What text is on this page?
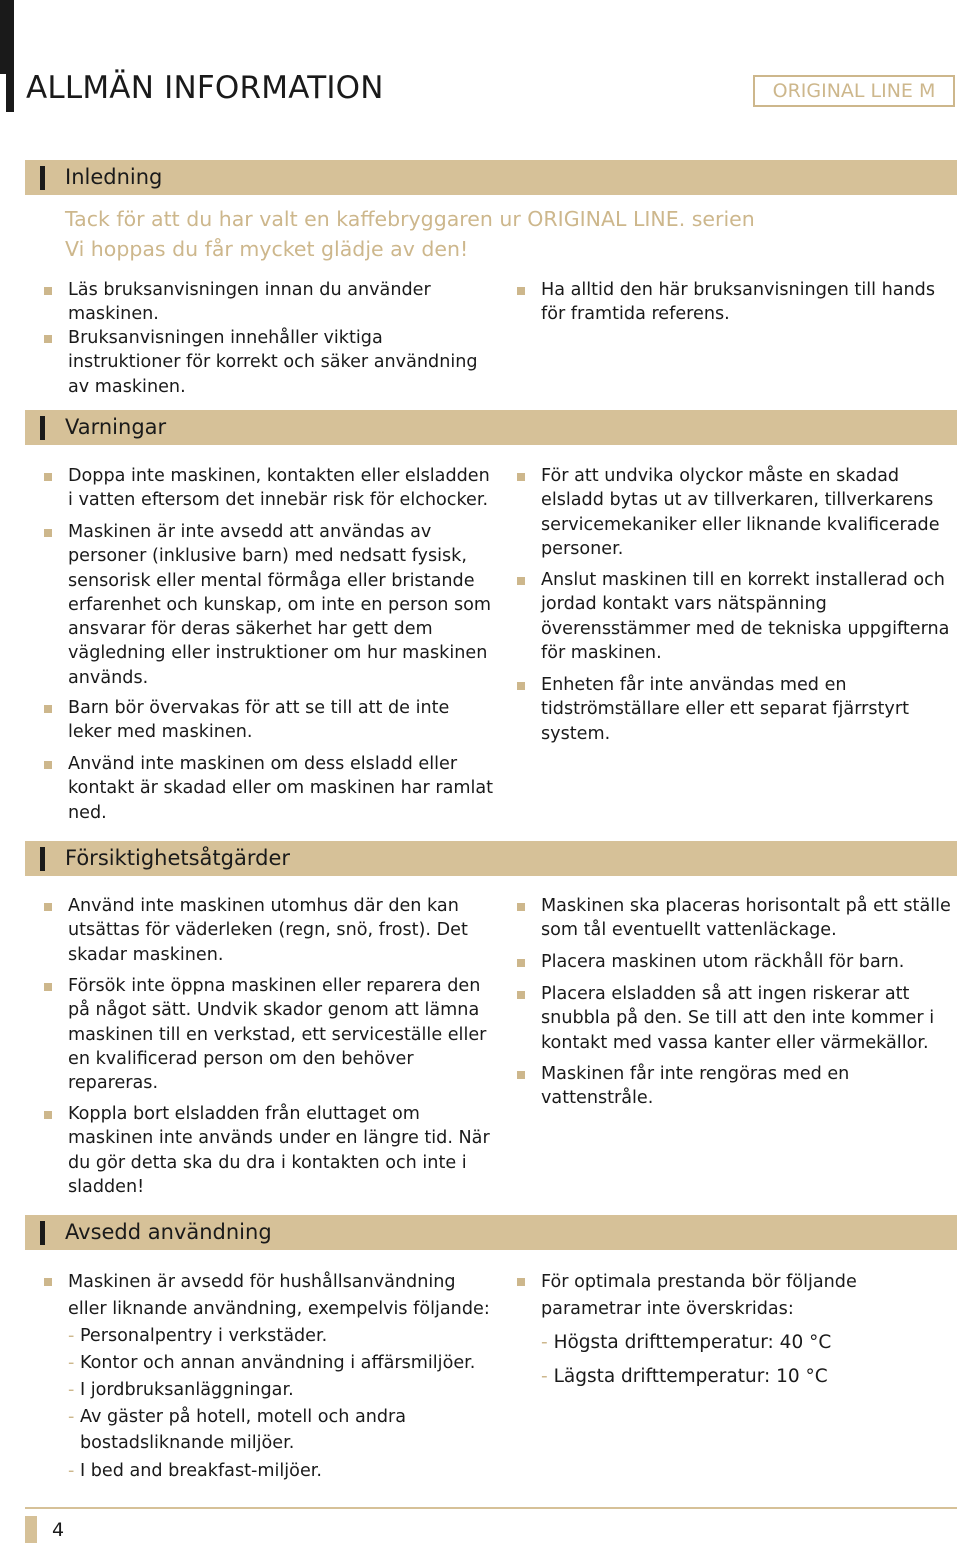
ALLMÄN INFORMATION	ORIGINAL LINE M
Inledning
Tack för att du har valt en kaffebryggaren ur ORIGINAL LINE. serien
Vi hoppas du får mycket glädje av den!
Läs bruksanvisningen innan du använder maskinen.
Bruksanvisningen innehåller viktiga instruktioner för korrekt och säker användning av maskinen.
Ha alltid den här bruksanvisningen till hands för framtida referens.
Varningar
Doppa inte maskinen, kontakten eller elsladden i vatten eftersom det innebär risk för elchocker.
Maskinen är inte avsedd att användas av personer (inklusive barn) med nedsatt fysisk, sensorisk eller mental förmåga eller bristande erfarenhet och kunskap, om inte en person som ansvarar för deras säkerhet har gett dem vägledning eller instruktioner om hur maskinen används.
Barn bör övervakas för att se till att de inte leker med maskinen.
Använd inte maskinen om dess elsladd eller kontakt är skadad eller om maskinen har ramlat ned.
För att undvika olyckor måste en skadad elsladd bytas ut av tillverkaren, tillverkarens servicemekaniker eller liknande kvalificerade personer.
Anslut maskinen till en korrekt installerad och jordad kontakt vars nätspänning överensstämmer med de tekniska uppgifterna för maskinen.
Enheten får inte användas med en tidströmställare eller ett separat fjärrstyrt system.
Försiktighetsåtgärder
Använd inte maskinen utomhus där den kan utsättas för väderleken (regn, snö, frost). Det skadar maskinen.
Försök inte öppna maskinen eller reparera den på något sätt. Undvik skador genom att lämna maskinen till en verkstad, ett serviceställe eller en kvalificerad person om den behöver repareras.
Koppla bort elsladden från eluttaget om maskinen inte används under en längre tid. När du gör detta ska du dra i kontakten och inte i sladden!
Maskinen ska placeras horisontalt på ett ställe som tål eventuellt vattenläckage.
Placera maskinen utom räckhåll för barn.
Placera elsladden så att ingen riskerar att snubbla på den. Se till att den inte kommer i kontakt med vassa kanter eller värmekällor.
Maskinen får inte rengöras med en vattenstråle.
Avsedd användning
Maskinen är avsedd för hushållsanvändning eller liknande användning, exempelvis följande:
- Personalpentry i verkstäder.
- Kontor och annan användning i affärsmiljöer.
- I jordbruksanläggningar.
- Av gäster på hotell, motell och andra bostadsliknande miljöer.
- I bed and breakfast-miljöer.
För optimala prestanda bör följande parametrar inte överskridas:
- Högsta drifttemperatur: 40 °C
- Lägsta drifttemperatur: 10 °C
4
